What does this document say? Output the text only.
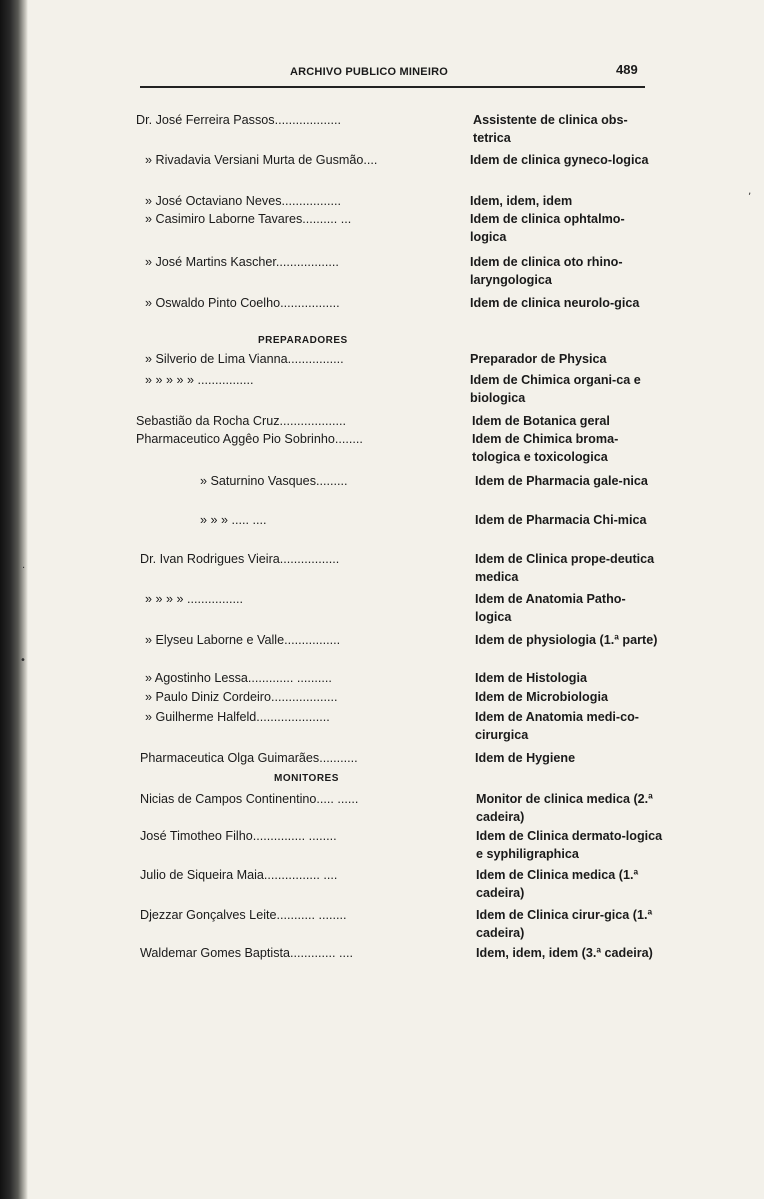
ARCHIVO PUBLICO MINEIRO	489
Dr. José Ferreira Passos...................	Assistente de clinica obs-tetrica
» Rivadavia Versiani Murta de Gusmão....	Idem de clinica gyneco-logica
» José Octaviano Neves.................	Idem, idem, idem
» Casimiro Laborne Tavares.......... ...	Idem de clinica ophtalmo-logica
» José Martins Kascher..................	Idem de clinica oto rhino-laryngologica
» Oswaldo Pinto Coelho.................	Idem de clinica neurolo-gica
PREPARADORES
» Silverio de Lima Vianna................	Preparador de Physica
» » » » » ................	Idem de Chimica organi-ca e biologica
Sebastião da Rocha Cruz...................	Idem de Botanica geral
Pharmaceutico Aggêo Pio Sobrinho........	Idem de Chimica broma-tologica e toxicologica
» Saturnino Vasques.........	Idem de Pharmacia gale-nica
» » » ..... ....	Idem de Pharmacia Chi-mica
Dr. Ivan Rodrigues Vieira.................	Idem de Clinica prope-deutica medica
» » » » ................	Idem de Anatomia Patho-logica
» Elyseu Laborne e Valle................	Idem de physiologia (1.ª parte)
» Agostinho Lessa............. ..........	Idem de Histologia
» Paulo Diniz Cordeiro...................	Idem de Microbiologia
» Guilherme Halfeld.....................	Idem de Anatomia medi-co-cirurgica
Pharmaceutica Olga Guimarães...........	Idem de Hygiene
MONITORES
Nicias de Campos Continentino..... ......	Monitor de clinica medica (2.ª cadeira)
José Timotheo Filho............... ........	Idem de Clinica dermato-logica e syphiligraphica
Julio de Siqueira Maia................ ....	Idem de Clinica medica (1.ª cadeira)
Djezzar Gonçalves Leite........... ........	Idem de Clinica cirur-gica (1.ª cadeira)
Waldemar Gomes Baptista............. ....	Idem, idem, idem (3.ª cadeira)
‚
.
•
